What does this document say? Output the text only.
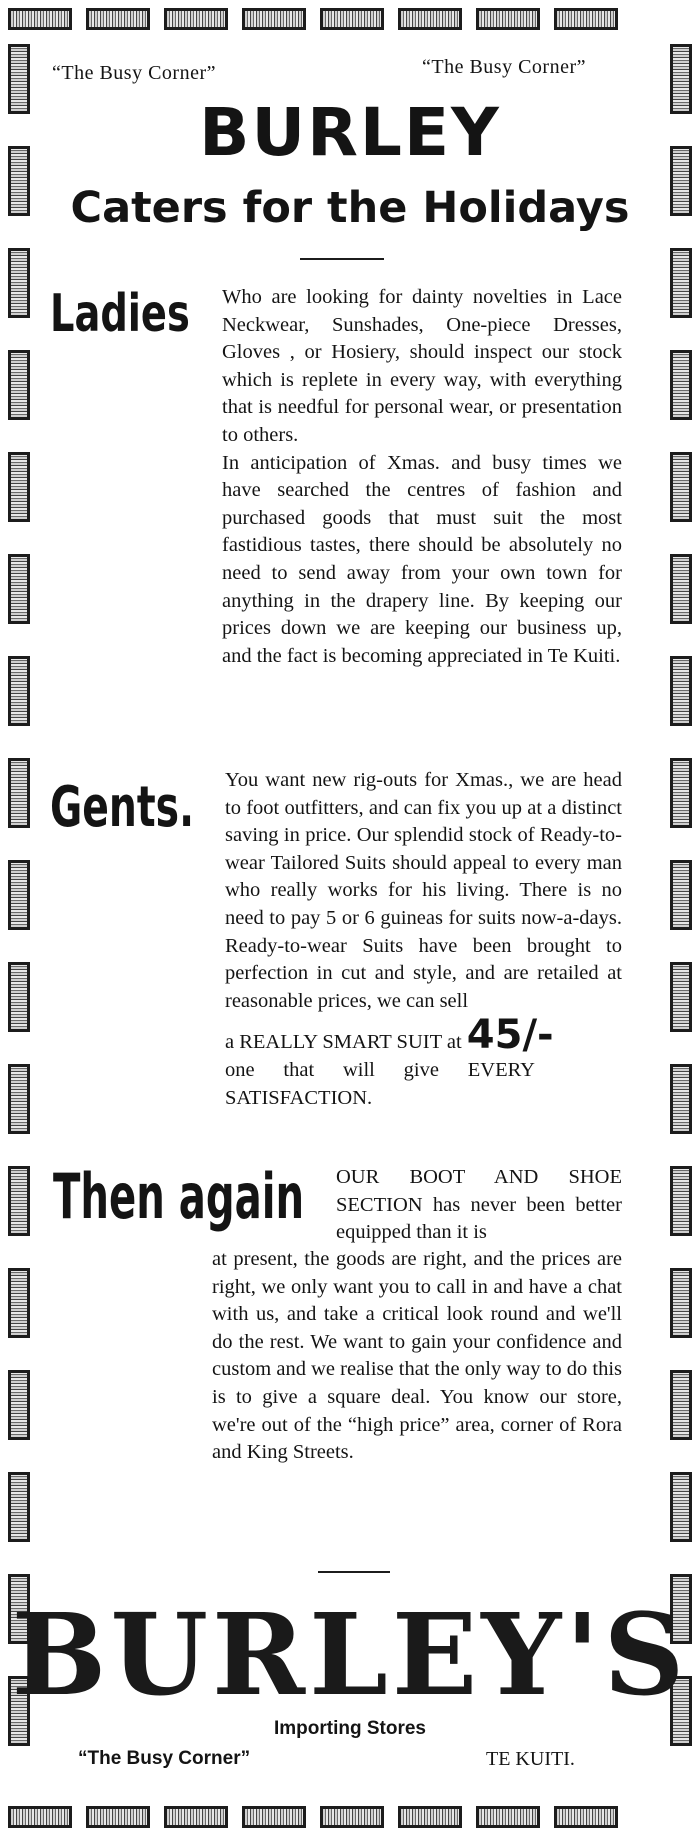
“The Busy Corner”	“The Busy Corner”
BURLEY
Caters for the Holidays
Ladies Who are looking for dainty novelties in Lace Neckwear, Sunshades, One-piece Dresses, Gloves , or Hosiery, should inspect our stock which is replete in every way, with everything that is needful for personal wear, or presentation to others.

In anticipation of Xmas. and busy times we have searched the centres of fashion and purchased goods that must suit the most fastidious tastes, there should be absolutely no need to send away from your own town for anything in the drapery line. By keeping our prices down we are keeping our business up, and the fact is becoming appreciated in Te Kuiti.

Gents. You want new rig-outs for Xmas., we are head to foot outfitters, and can fix you up at a distinct saving in price. Our splendid stock of Ready-to-wear Tailored Suits should appeal to every man who really works for his living. There is no need to pay 5 or 6 guineas for suits now-a-days. Ready-to-wear Suits have been brought to perfection in cut and style, and are retailed at reasonable prices, we can sell

a REALLY SMART SUIT at 45/-

one that will give EVERY SATISFACTION.

Then again OUR BOOT AND SHOE SECTION has never been better equipped than it is

at present, the goods are right, and the prices are right, we only want you to call in and have a chat with us, and take a critical look round and we'll do the rest. We want to gain your confidence and custom and we realise that the only way to do this is to give a square deal. You know our store, we're out of the “high price” area, corner of Rora and King Streets.

BURLEY'S
Importing Stores
“The Busy Corner”	TE KUITI.
